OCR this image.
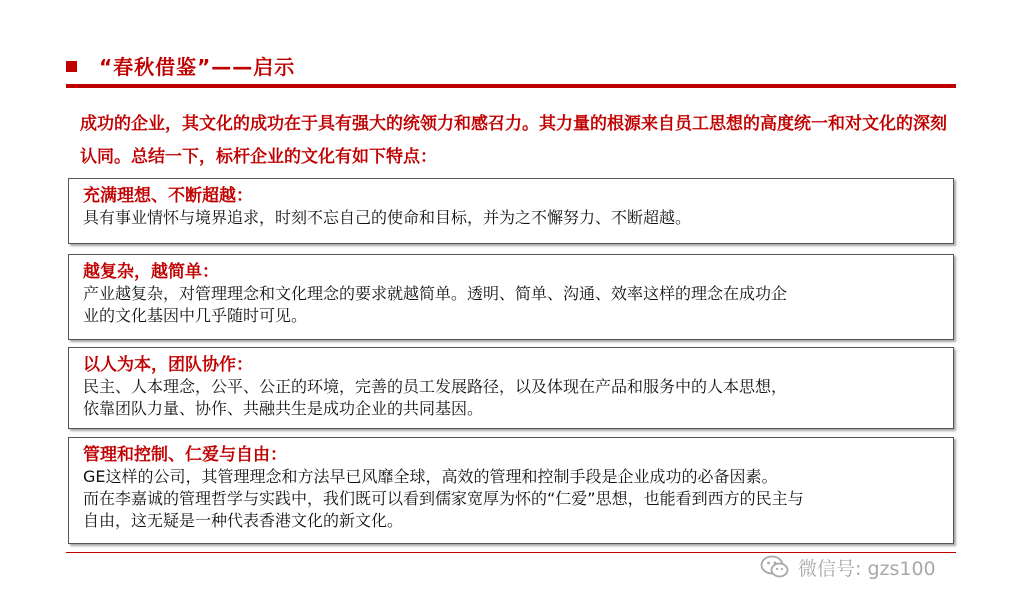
“春秋借鉴”——启示
成功的企业，其文化的成功在于具有强大的统领力和感召力。其力量的根源来自员工思想的高度统一和对文化的深刻认同。总结一下，标杆企业的文化有如下特点：
充满理想、不断超越：
具有事业情怀与境界追求，时刻不忘自己的使命和目标，并为之不懈努力、不断超越。
越复杂，越简单：
产业越复杂，对管理理念和文化理念的要求就越简单。透明、简单、沟通、效率这样的理念在成功企
业的文化基因中几乎随时可见。
以人为本，团队协作：
民主、人本理念，公平、公正的环境，完善的员工发展路径，以及体现在产品和服务中的人本思想，
依靠团队力量、协作、共融共生是成功企业的共同基因。
管理和控制、仁爱与自由：
GE这样的公司，其管理理念和方法早已风靡全球，高效的管理和控制手段是企业成功的必备因素。
而在李嘉诚的管理哲学与实践中，我们既可以看到儒家宽厚为怀的“仁爱”思想，也能看到西方的民主与
自由，这无疑是一种代表香港文化的新文化。
微信号: gzs100
